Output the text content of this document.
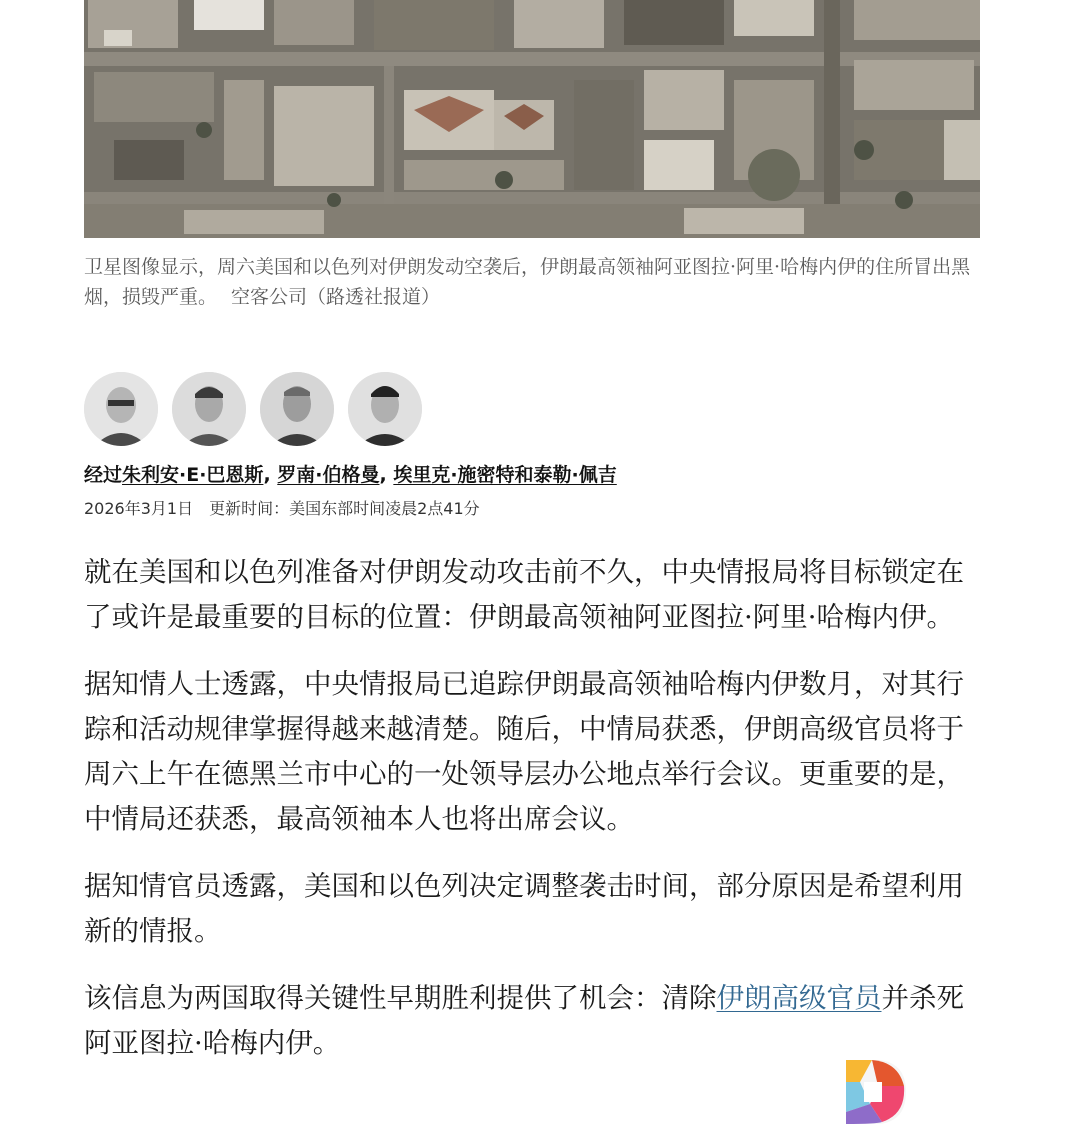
卫星图像显示，周六美国和以色列对伊朗发动空袭后，伊朗最高领袖阿亚图拉·阿里·哈梅内伊的住所冒出黑烟，损毁严重。 空客公司（路透社报道）

经过朱利安·E·巴恩斯, 罗南·伯格曼, 埃里克·施密特和泰勒·佩吉

2026年3月1日 更新时间：美国东部时间凌晨2点41分

就在美国和以色列准备对伊朗发动攻击前不久，中央情报局将目标锁定在了或许是最重要的目标的位置：伊朗最高领袖阿亚图拉·阿里·哈梅内伊。

据知情人士透露，中央情报局已追踪伊朗最高领袖哈梅内伊数月，对其行踪和活动规律掌握得越来越清楚。随后，中情局获悉，伊朗高级官员将于周六上午在德黑兰市中心的一处领导层办公地点举行会议。更重要的是，中情局还获悉，最高领袖本人也将出席会议。

据知情官员透露，美国和以色列决定调整袭击时间，部分原因是希望利用新的情报。

该信息为两国取得关键性早期胜利提供了机会：清除伊朗高级官员并杀死阿亚图拉·哈梅内伊。
